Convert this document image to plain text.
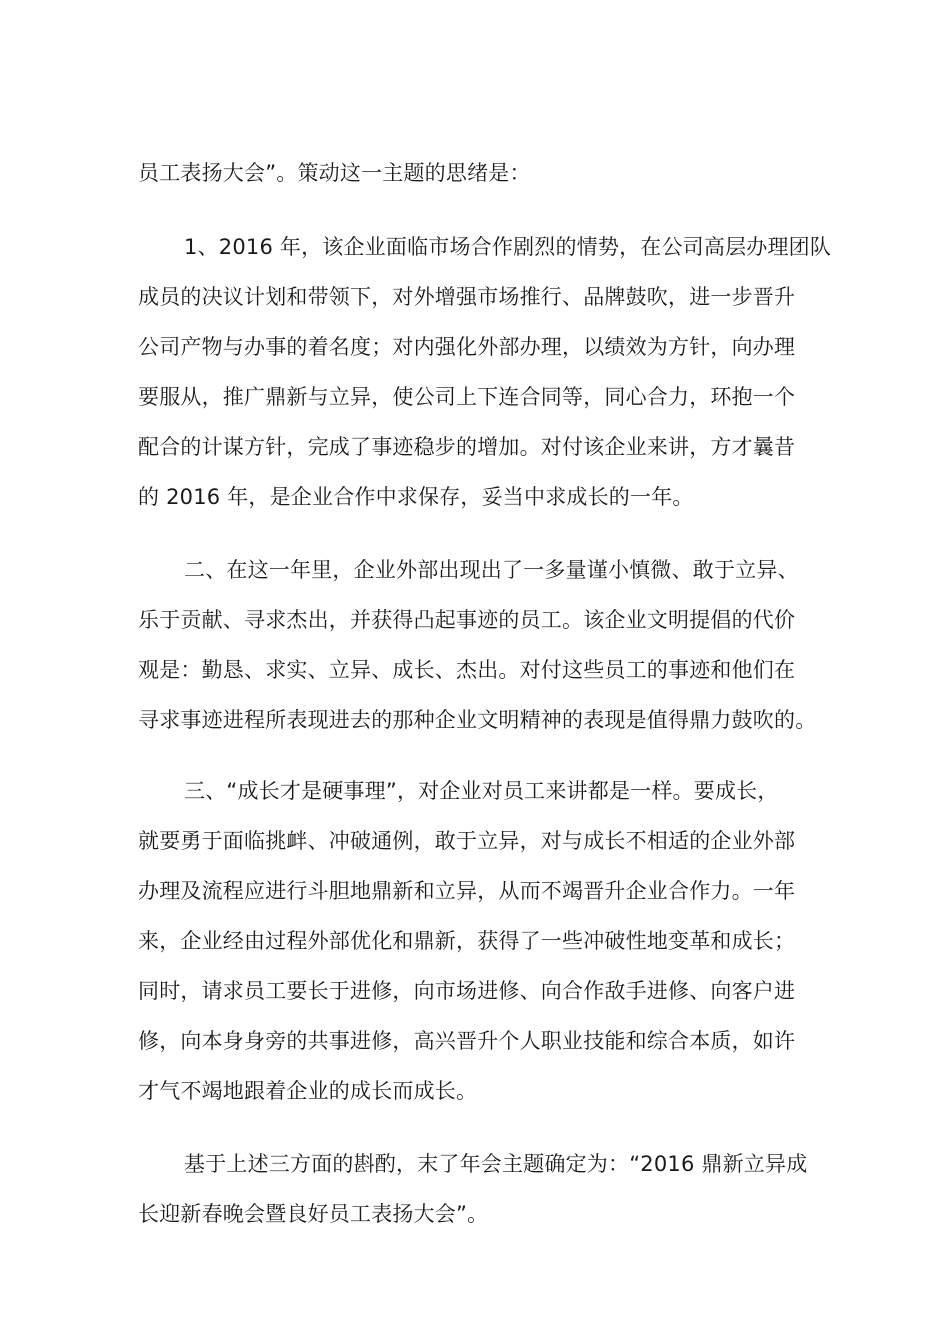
员工表扬大会”。策动这一主题的思绪是：
1、2016 年，该企业面临市场合作剧烈的情势，在公司高层办理团队
成员的决议计划和带领下，对外增强市场推行、品牌鼓吹，进一步晋升
公司产物与办事的着名度；对内强化外部办理，以绩效为方针，向办理
要服从，推广鼎新与立异，使公司上下连合同等，同心合力，环抱一个
配合的计谋方针，完成了事迹稳步的增加。对付该企业来讲，方才曩昔
的 2016 年，是企业合作中求保存，妥当中求成长的一年。
二、在这一年里，企业外部出现出了一多量谨小慎微、敢于立异、
乐于贡献、寻求杰出，并获得凸起事迹的员工。该企业文明提倡的代价
观是：勤恳、求实、立异、成长、杰出。对付这些员工的事迹和他们在
寻求事迹进程所表现进去的那种企业文明精神的表现是值得鼎力鼓吹的。
三、“成长才是硬事理”，对企业对员工来讲都是一样。要成长，
就要勇于面临挑衅、冲破通例，敢于立异，对与成长不相适的企业外部
办理及流程应进行斗胆地鼎新和立异，从而不竭晋升企业合作力。一年
来，企业经由过程外部优化和鼎新，获得了一些冲破性地变革和成长；
同时，请求员工要长于进修，向市场进修、向合作敌手进修、向客户进
修，向本身身旁的共事进修，高兴晋升个人职业技能和综合本质，如许
才气不竭地跟着企业的成长而成长。
基于上述三方面的斟酌，末了年会主题确定为：“2016 鼎新立异成
长迎新春晚会暨良好员工表扬大会”。
